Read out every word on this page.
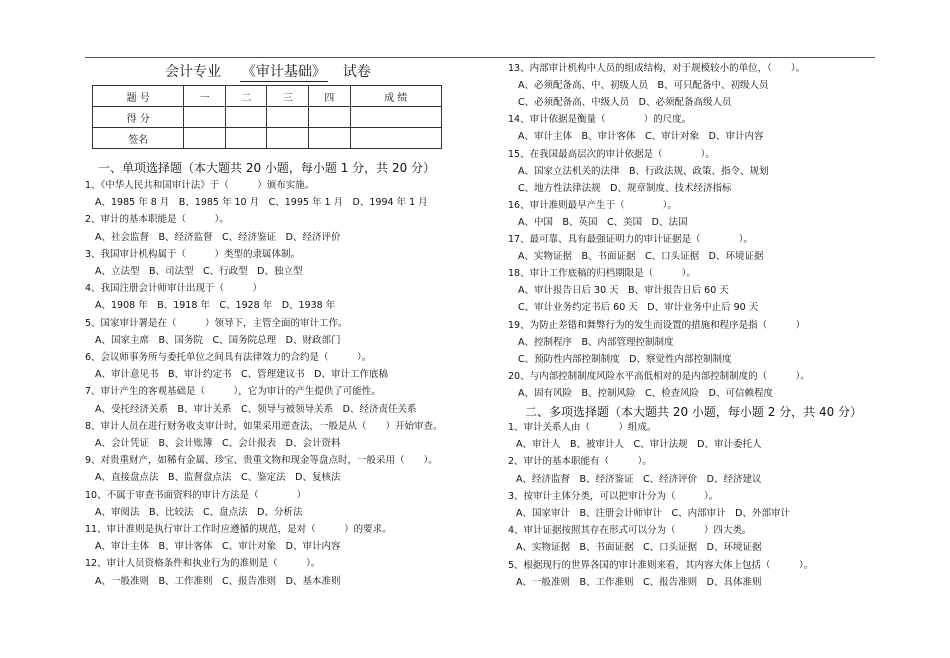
会计专业 《审计基础》 试卷
题 号	一	二	三	四	成 绩
得 分					
签名					
一、单项选择题（本大题共 20 小题，每小题 1 分，共 20 分）
二、多项选择题（本大题共 20 小题，每小题 2 分，共 40 分）
1、《中华人民共和国审计法》于（　　　）颁布实施。
A、1985 年 8 月　B、1985 年 10 月　C、1995 年 1 月　D、1994 年 1 月
2、审计的基本职能是（　　　）。
A、社会监督　B、经济监督　C、经济鉴证　D、经济评价
3、我国审计机构属于（　　　）类型的隶属体制。
A、立法型　B、司法型　C、行政型　D、独立型
4、我国注册会计师审计出现于（　　　）
A、1908 年　B、1918 年　C、1928 年　D、1938 年
5、国家审计署是在（　　　）领导下，主管全面的审计工作。
A、国家主席　B、国务院　C、国务院总理　D、财政部门
6、会议师事务所与委托单位之间具有法律效力的合约是（　　　）。
A、审计意见书　B、审计约定书　C、管理建议书　D、审计工作底稿
7、审计产生的客观基础是（　　　），它为审计的产生提供了可能性。
A、受托经济关系　B、审计关系　C、领导与被领导关系　D、经济责任关系
8、审计人员在进行财务收支审计时，如果采用逆查法，一般是从（　　）开始审查。
A、会计凭证　B、会计账簿　C、会计报表　D、会计资料
9、对贵重财产，如稀有金属、珍宝、贵重文物和现金等盘点时，一般采用（　　）。
A、直接盘点法　B、监督盘点法　C、鉴定法　D、复核法
10、不属于审查书面资料的审计方法是（　　　　）
A、审阅法　B、比较法　C、盘点法　D、分析法
11、审计准则是执行审计工作时应遵循的规范，是对（　　　）的要求。
A、审计主体　B、审计客体　C、审计对象　D、审计内容
12、审计人员资格条件和执业行为的准则是（　　　）。
A、一般准则　B、工作准则　C、报告准则　D、基本准则
13、内部审计机构中人员的组成结构，对于规模较小的单位，（　　）。
A、必须配备高、中、初级人员　B、可只配备中、初级人员
C、必须配备高、中级人员　D、必须配备高级人员
14、审计依据是衡量（　　　　）的尺度。
A、审计主体　B、审计客体　C、审计对象　D、审计内容
15、在我国最高层次的审计依据是（　　　　）。
A、国家立法机关的法律　B、行政法规、政策、指令、规划
C、地方性法律法规　D、规章制度、技术经济指标
16、审计准则最早产生于（　　　　）。
A、中国　B、英国　C、美国　D、法国
17、最可靠、具有最强证明力的审计证据是（　　　　）。
A、实物证据　B、书面证据　C、口头证据　D、环境证据
18、审计工作底稿的归档期限是（　　　）。
A、审计报告日后 30 天　B、审计报告日后 60 天
C、审计业务约定书后 60 天　D、审计业务中止后 90 天
19、为防止差错和舞弊行为的发生而设置的措施和程序是指（　　　）
A、控制程序　B、内部管理控制制度
C、预防性内部控制制度　D、察觉性内部控制制度
20、与内部控制制度风险水平高低相对的是内部控制制度的（　　　）。
A、固有风险　B、控制风险　C、检查风险　D、可信赖程度
1、审计关系人由（　　　）组成。
A、审计人　B、被审计人　C、审计法规　D、审计委托人
2、审计的基本职能有（　　　）。
A、经济监督　B、经济鉴证　C、经济评价　D、经济建议
3、按审计主体分类，可以把审计分为（　　　）。
A、国家审计　B、注册会计师审计　C、内部审计　D、外部审计
4、审计证据按照其存在形式可以分为（　　　）四大类。
A、实物证据　B、书面证据　C、口头证据　D、环境证据
5、根据现行的世界各国的审计准则来看，其内容大体上包括（　　　）。
A、一般准则　B、工作准则　C、报告准则　D、具体准则
